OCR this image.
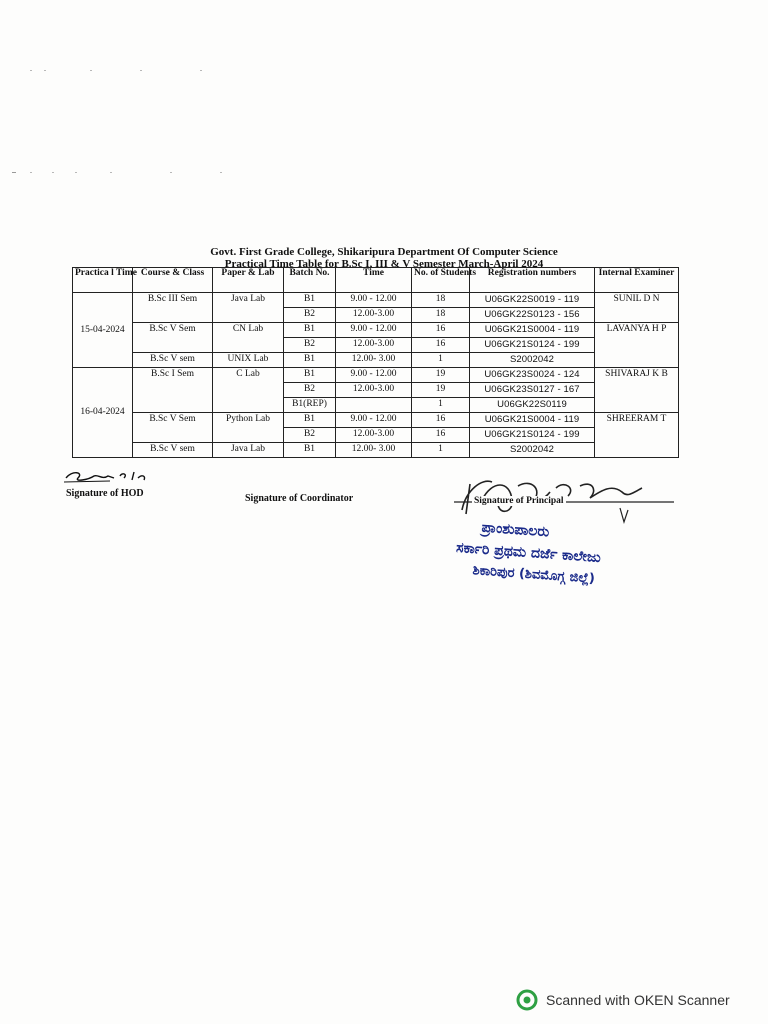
Govt. First Grade College, Shikaripura Department Of Computer Science
Practical Time Table for B.Sc I, III & V Semester March-April 2024
Practica l Time	Course & Class	Paper & Lab	Batch No.	Time	No. of Students	Registration numbers	Internal Examiner
15-04-2024	B.Sc III Sem	Java Lab	B1	9.00 - 12.00	18	U06GK22S0019 - 119	SUNIL D N
			B2	12.00-3.00	18	U06GK22S0123 - 156	
	B.Sc V Sem	CN Lab	B1	9.00 - 12.00	16	U06GK21S0004 - 119	LAVANYA H P
			B2	12.00-3.00	16	U06GK21S0124 - 199	
	B.Sc V sem	UNIX Lab	B1	12.00- 3.00	1	S2002042	
16-04-2024	B.Sc I Sem	C Lab	B1	9.00 - 12.00	19	U06GK23S0024 - 124	SHIVARAJ K B
			B2	12.00-3.00	19	U06GK23S0127 - 167	
			B1(REP)		1	U06GK22S0119	
	B.Sc V Sem	Python Lab	B1	9.00 - 12.00	16	U06GK21S0004 - 119	SHREERAM T
			B2	12.00-3.00	16	U06GK21S0124 - 199	
	B.Sc V sem	Java Lab	B1	12.00- 3.00	1	S2002042	
Signature of HOD	Signature of Coordinator	Signature of Principal
ಪ್ರಾಂಶುಪಾಲರು
ಸರ್ಕಾರಿ ಪ್ರಥಮ ದರ್ಜೆ ಕಾಲೇಜು
ಶಿಕಾರಿಪುರ (ಶಿವಮೊಗ್ಗ ಜಿಲ್ಲೆ)
Scanned with OKEN Scanner
